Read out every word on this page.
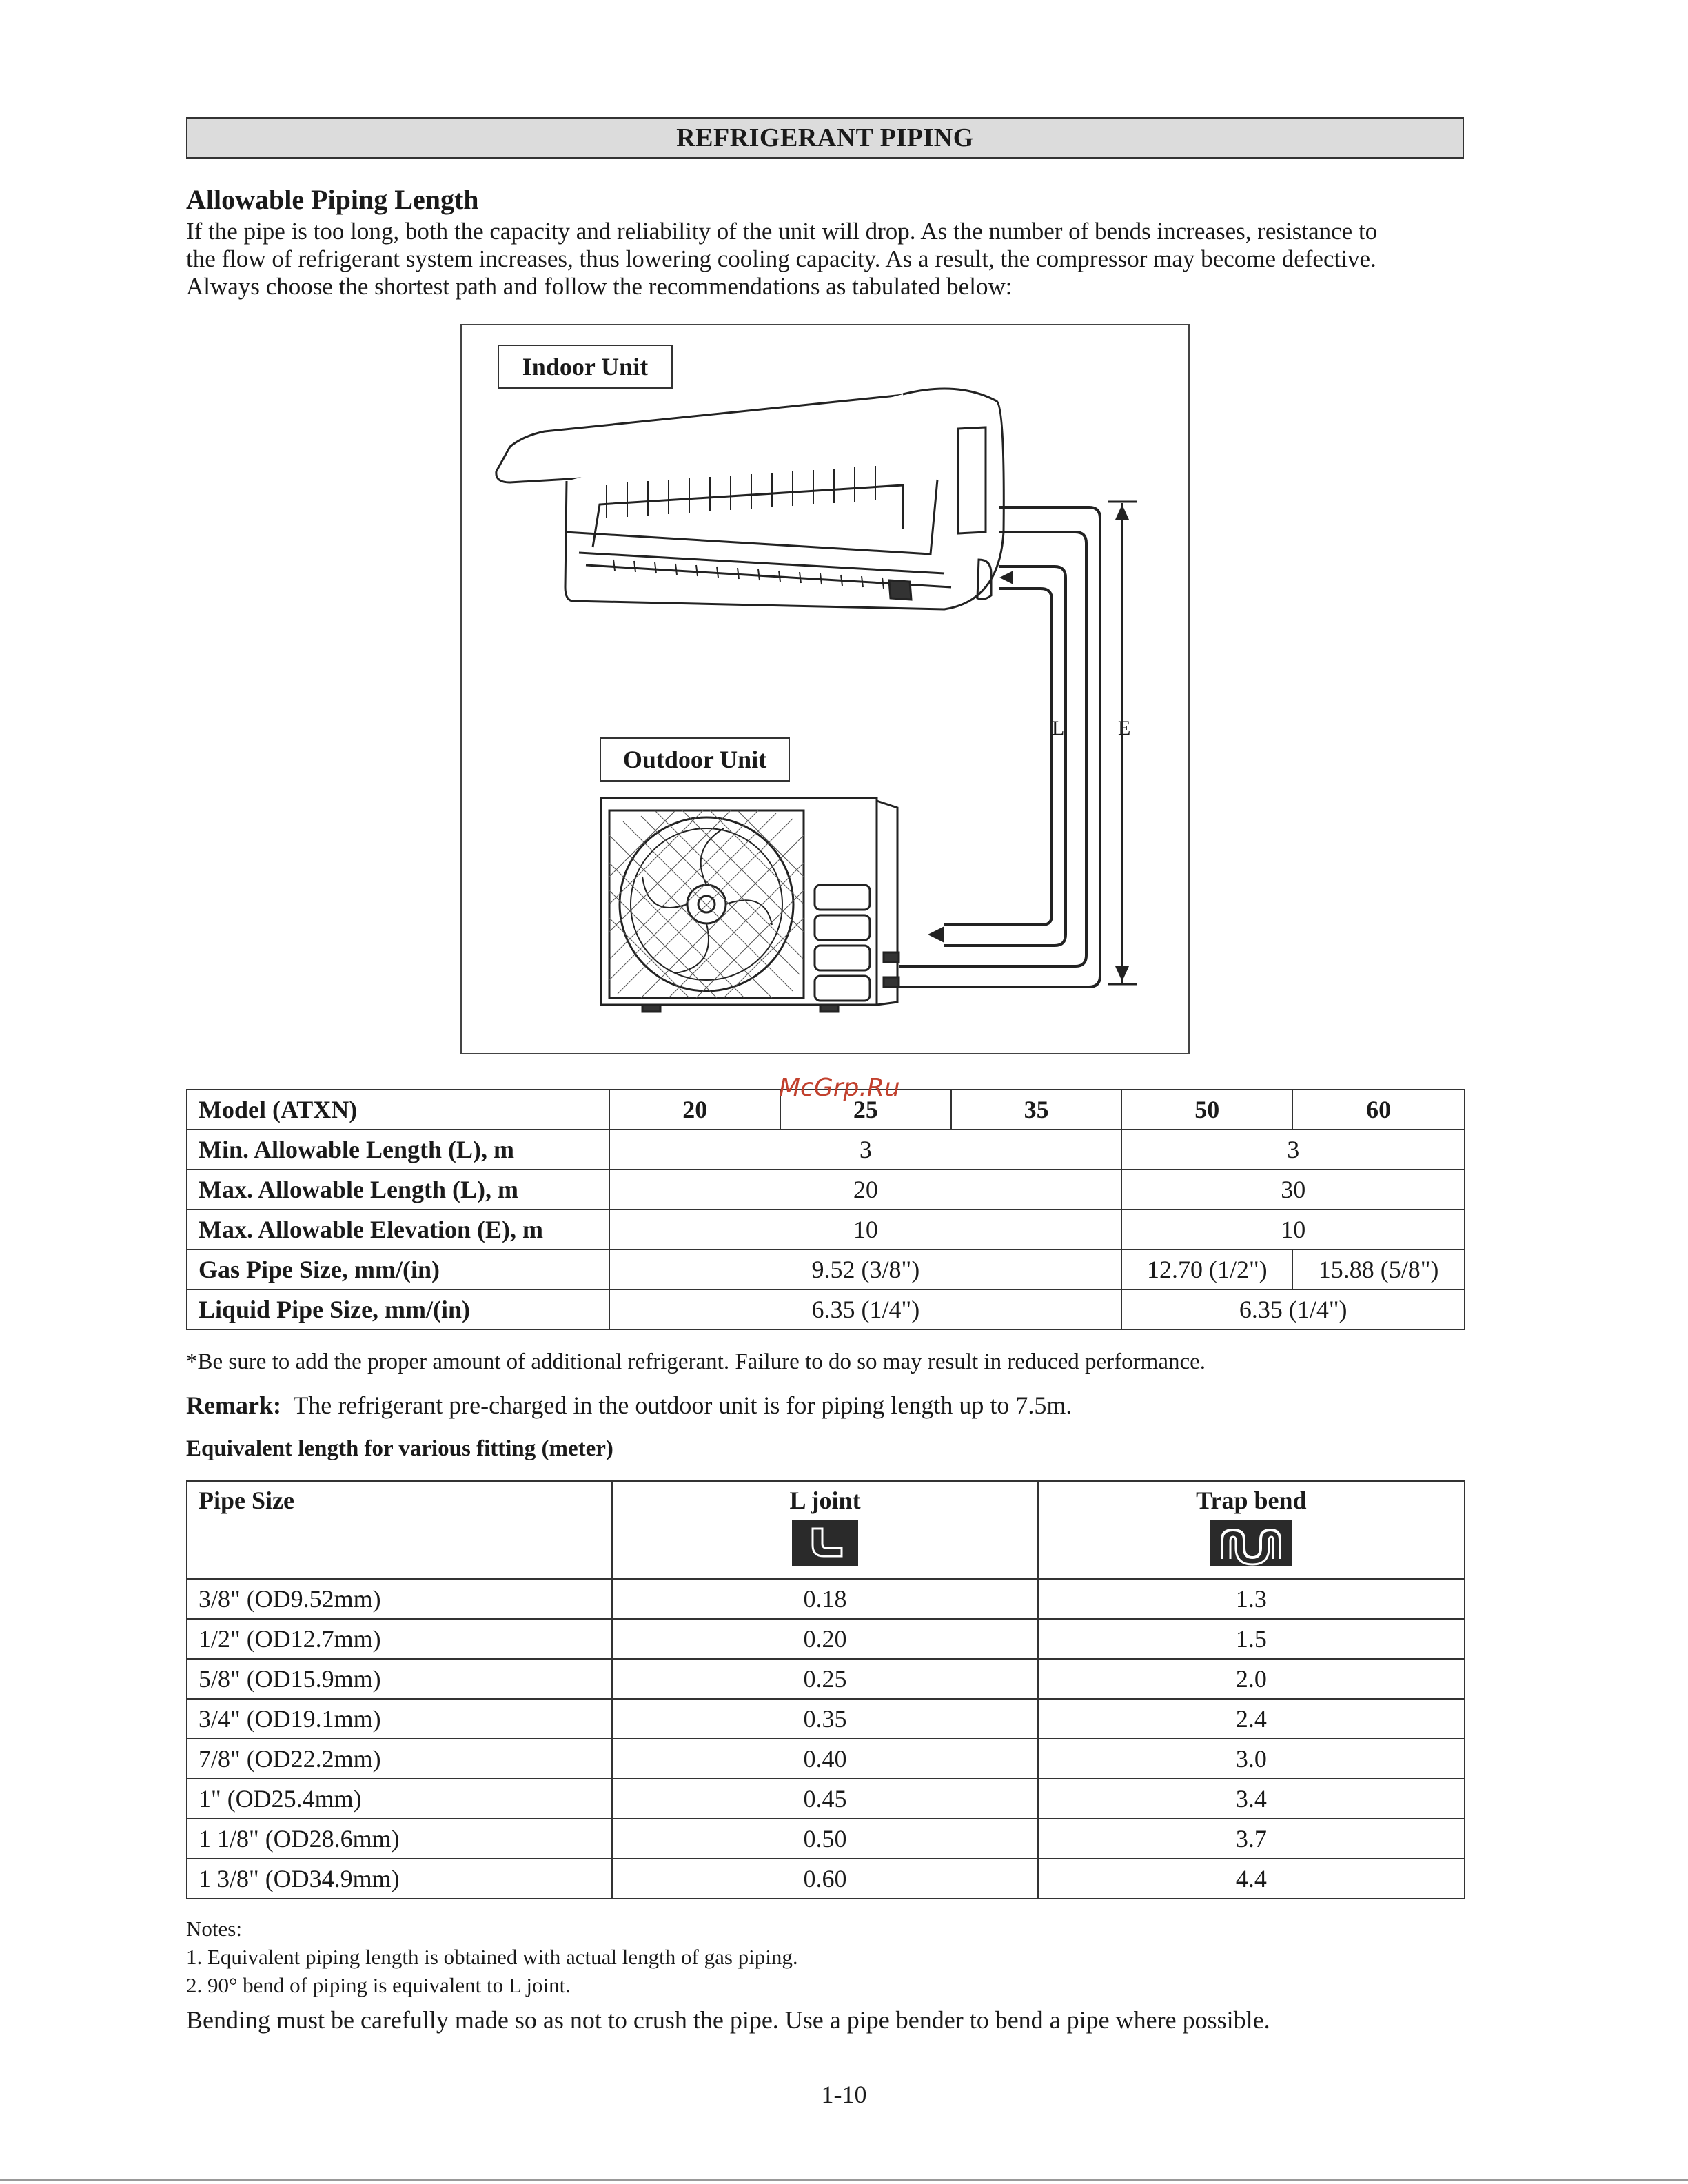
REFRIGERANT PIPING
Allowable Piping Length
If the pipe is too long, both the capacity and reliability of the unit will drop. As the number of bends increases, resistance to
the flow of refrigerant system increases, thus lowering cooling capacity. As a result, the compressor may become defective.
Always choose the shortest path and follow the recommendations as tabulated below:
Indoor Unit
Outdoor Unit
L	E
Model (ATXN)	20	25	35	50	60
Min. Allowable Length (L), m	3			3	
Max. Allowable Length (L), m	20			30	
Max. Allowable Elevation (E), m	10			10	
Gas Pipe Size, mm/(in)	9.52 (3/8")			12.70 (1/2")	15.88 (5/8")
Liquid Pipe Size, mm/(in)	6.35 (1/4")			6.35 (1/4")	
McGrp.Ru
*Be sure to add the proper amount of additional refrigerant. Failure to do so may result in reduced performance.
Remark: The refrigerant pre-charged in the outdoor unit is for piping length up to 7.5m.
Equivalent length for various fitting (meter)
Pipe Size	L joint	Trap bend

3/8" (OD9.52mm)	0.18	1.3
1/2" (OD12.7mm)	0.20	1.5
5/8" (OD15.9mm)	0.25	2.0
3/4" (OD19.1mm)	0.35	2.4
7/8" (OD22.2mm)	0.40	3.0
1" (OD25.4mm)	0.45	3.4
1 1/8" (OD28.6mm)	0.50	3.7
1 3/8" (OD34.9mm)	0.60	4.4
Notes:
1. Equivalent piping length is obtained with actual length of gas piping.
2. 90° bend of piping is equivalent to L joint.
Bending must be carefully made so as not to crush the pipe. Use a pipe bender to bend a pipe where possible.
1-10
